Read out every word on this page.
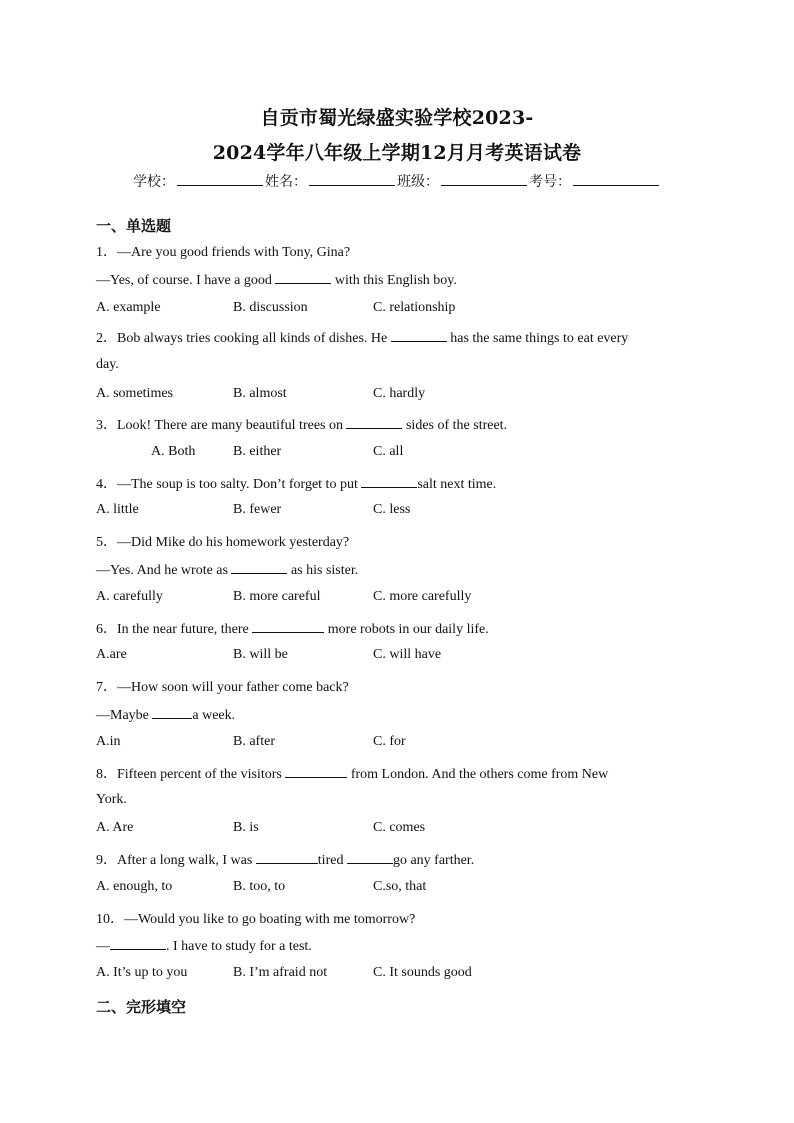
自贡市蜀光绿盛实验学校2023-
2024学年八年级上学期12月月考英语试卷
学校：	姓名：	班级：	考号：
一、单选题
1．—Are you good friends with Tony, Gina?
—Yes, of course. I have a good	with this English boy.
A. example	B. discussion	C. relationship
2．Bob always tries cooking all kinds of dishes. He	has the same things to eat every
day.
A. sometimes	B. almost	C. hardly
3．Look! There are many beautiful trees on	sides of the street.
A. Both	B. either	C. all
4．—The soup is too salty. Don’t forget to put	salt next time.
A. little	B. fewer	C. less
5．—Did Mike do his homework yesterday?
—Yes. And he wrote as	as his sister.
A. carefully	B. more careful	C. more carefully
6．In the near future, there	more robots in our daily life.
A.are	B. will be	C. will have
7．—How soon will your father come back?
—Maybe	a week.
A.in	B. after	C. for
8．Fifteen percent of the visitors	from London. And the others come from New
York.
A. Are	B. is	C. comes
9．After a long walk, I was	tired	go any farther.
A. enough, to	B. too, to	C.so, that
10．—Would you like to go boating with me tomorrow?
—	. I have to study for a test.
A. It’s up to you	B. I’m afraid not	C. It sounds good
二、完形填空
